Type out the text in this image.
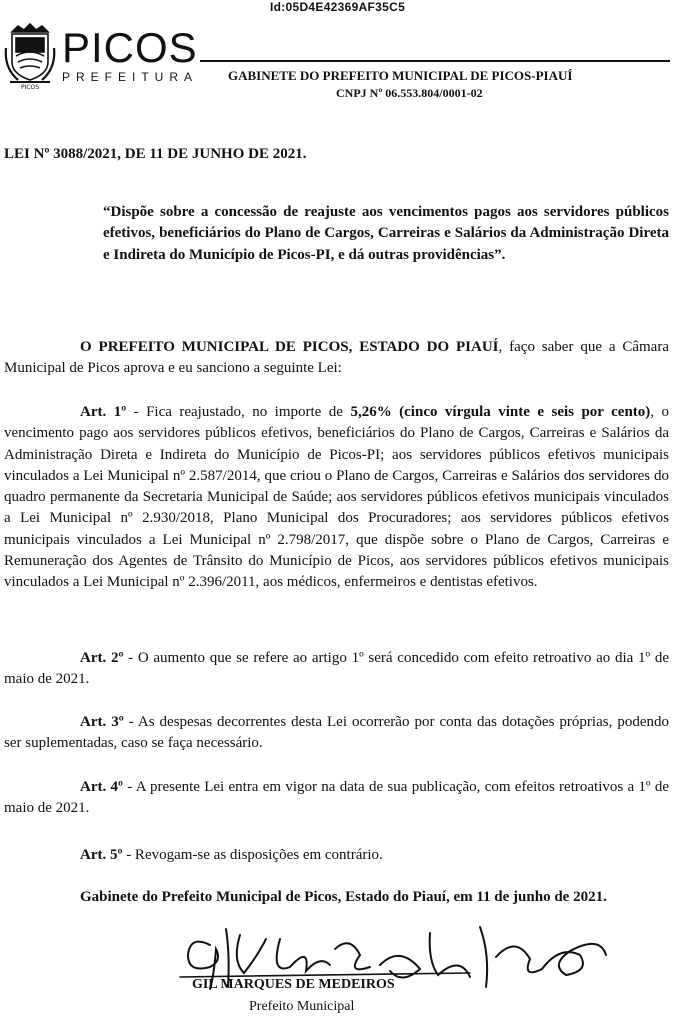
Id:05D4E42369AF35C5
PICOS
PICOS
PREFEITURA GABINETE DO PREFEITO MUNICIPAL DE PICOS-PIAUÍ
CNPJ Nº 06.553.804/0001-02
LEI Nº 3088/2021, DE 11 DE JUNHO DE 2021.
“Dispõe sobre a concessão de reajuste aos vencimentos pagos aos servidores públicos efetivos, beneficiários do Plano de Cargos, Carreiras e Salários da Administração Direta e Indireta do Município de Picos-PI, e dá outras providências”.

O PREFEITO MUNICIPAL DE PICOS, ESTADO DO PIAUÍ, faço saber que a Câmara Municipal de Picos aprova e eu sanciono a seguinte Lei:

Art. 1º - Fica reajustado, no importe de 5,26% (cinco vírgula vinte e seis por cento), o vencimento pago aos servidores públicos efetivos, beneficiários do Plano de Cargos, Carreiras e Salários da Administração Direta e Indireta do Município de Picos-PI; aos servidores públicos efetivos municipais vinculados a Lei Municipal nº 2.587/2014, que criou o Plano de Cargos, Carreiras e Salários dos servidores do quadro permanente da Secretaria Municipal de Saúde; aos servidores públicos efetivos municipais vinculados a Lei Municipal nº 2.930/2018, Plano Municipal dos Procuradores; aos servidores públicos efetivos municipais vinculados a Lei Municipal nº 2.798/2017, que dispõe sobre o Plano de Cargos, Carreiras e Remuneração dos Agentes de Trânsito do Município de Picos, aos servidores públicos efetivos municipais vinculados a Lei Municipal nº 2.396/2011, aos médicos, enfermeiros e dentistas efetivos.

Art. 2º - O aumento que se refere ao artigo 1º será concedido com efeito retroativo ao dia 1º de maio de 2021.

Art. 3º - As despesas decorrentes desta Lei ocorrerão por conta das dotações próprias, podendo ser suplementadas, caso se faça necessário.

Art. 4º - A presente Lei entra em vigor na data de sua publicação, com efeitos retroativos a 1º de maio de 2021.

Art. 5º - Revogam-se as disposições em contrário.

Gabinete do Prefeito Municipal de Picos, Estado do Piauí, em 11 de junho de 2021.

GIL MARQUES DE MEDEIROS
Prefeito Municipal
